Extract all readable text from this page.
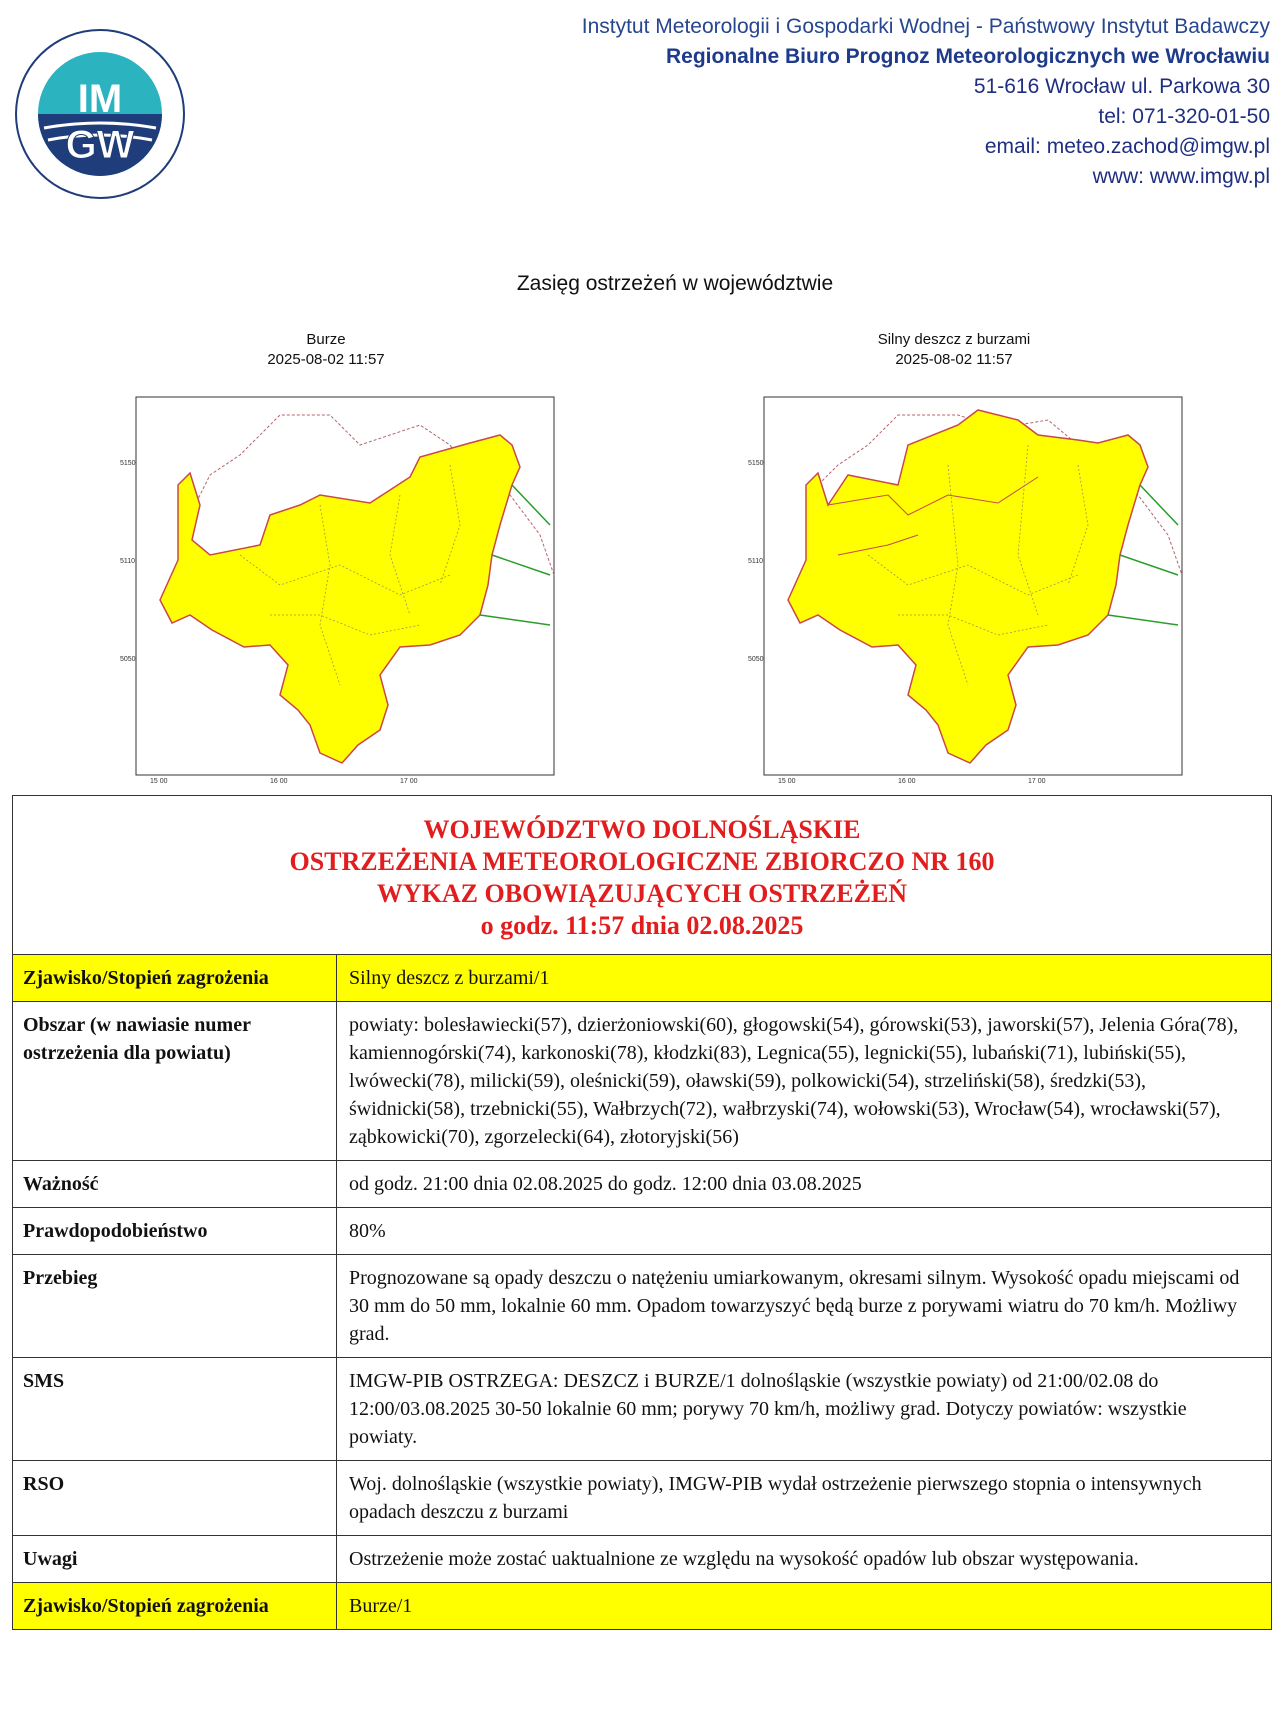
IM
GW
Instytut Meteorologii i Gospodarki Wodnej - Państwowy Instytut Badawczy
Regionalne Biuro Prognoz Meteorologicznych we Wrocławiu
51-616 Wrocław ul. Parkowa 30
tel: 071-320-01-50
email: meteo.zachod@imgw.pl
www: www.imgw.pl
Zasięg ostrzeżeń w województwie
Burze
2025-08-02 11:57
Silny deszcz z burzami
2025-08-02 11:57
5150
5110
5050
15 00	16 00	17 00
5150
5110
5050
15 00	16 00	17 00
WOJEWÓDZTWO DOLNOŚLĄSKIE
OSTRZEŻENIA METEOROLOGICZNE ZBIORCZO NR 160
WYKAZ OBOWIĄZUJĄCYCH OSTRZEŻEŃ
o godz. 11:57 dnia 02.08.2025
Zjawisko/Stopień zagrożenia	Silny deszcz z burzami/1
Obszar (w nawiasie numer ostrzeżenia dla powiatu)
powiaty: bolesławiecki(57), dzierżoniowski(60), głogowski(54), górowski(53), jaworski(57), Jelenia Góra(78), kamiennogórski(74), karkonoski(78), kłodzki(83), Legnica(55), legnicki(55), lubański(71), lubiński(55), lwówecki(78), milicki(59), oleśnicki(59), oławski(59), polkowicki(54), strzeliński(58), średzki(53), świdnicki(58), trzebnicki(55), Wałbrzych(72), wałbrzyski(74), wołowski(53), Wrocław(54), wrocławski(57), ząbkowicki(70), zgorzelecki(64), złotoryjski(56)
Ważność	od godz. 21:00 dnia 02.08.2025 do godz. 12:00 dnia 03.08.2025
Prawdopodobieństwo	80%
Przebieg	Prognozowane są opady deszczu o natężeniu umiarkowanym, okresami silnym. Wysokość opadu miejscami od 30 mm do 50 mm, lokalnie 60 mm. Opadom towarzyszyć będą burze z porywami wiatru do 70 km/h. Możliwy grad.
SMS	IMGW-PIB OSTRZEGA: DESZCZ i BURZE/1 dolnośląskie (wszystkie powiaty) od 21:00/02.08 do 12:00/03.08.2025 30-50 lokalnie 60 mm; porywy 70 km/h, możliwy grad. Dotyczy powiatów: wszystkie powiaty.
RSO	Woj. dolnośląskie (wszystkie powiaty), IMGW-PIB wydał ostrzeżenie pierwszego stopnia o intensywnych opadach deszczu z burzami
Uwagi	Ostrzeżenie może zostać uaktualnione ze względu na wysokość opadów lub obszar występowania.
Zjawisko/Stopień zagrożenia	Burze/1
